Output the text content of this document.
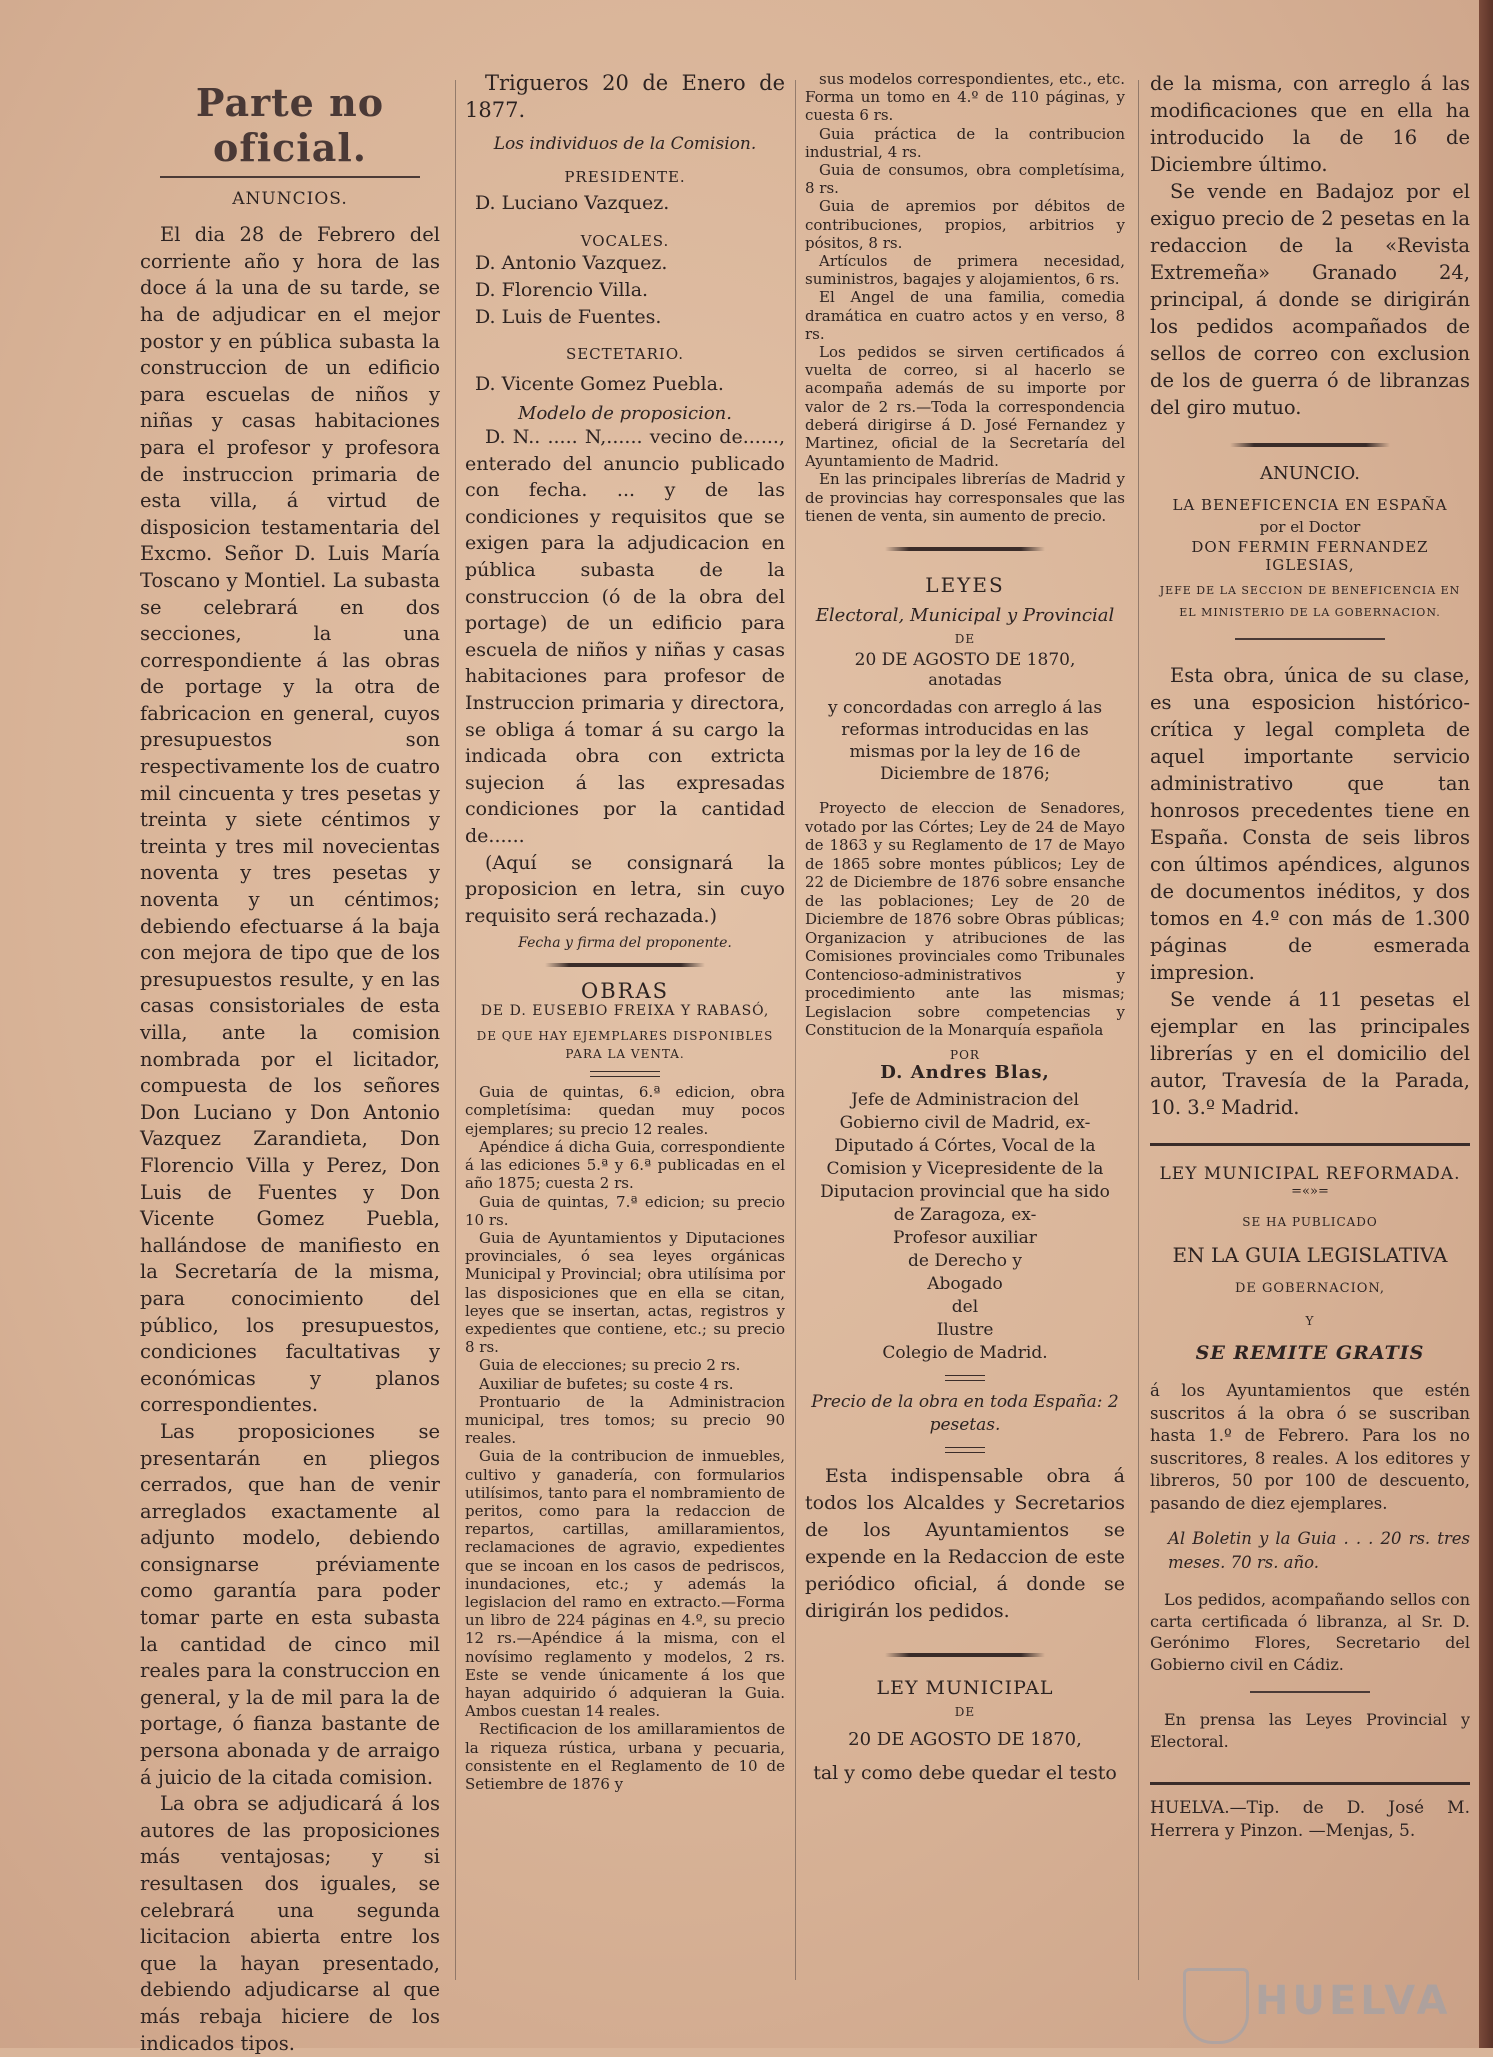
Parte no oficial.

ANUNCIOS.

El dia 28 de Febrero del corriente año y hora de las doce á la una de su tarde, se ha de adjudicar en el mejor postor y en pública subasta la construccion de un edificio para escuelas de niños y niñas y casas habitaciones para el profesor y profesora de instruccion primaria de esta villa, á virtud de disposicion testamentaria del Excmo. Señor D. Luis María Toscano y Montiel. La subasta se celebrará en dos secciones, la una correspondiente á las obras de portage y la otra de fabricacion en general, cuyos presupuestos son respectivamente los de cuatro mil cincuenta y tres pesetas y treinta y siete céntimos y treinta y tres mil novecientas noventa y tres pesetas y noventa y un céntimos; debiendo efectuarse á la baja con mejora de tipo que de los presupuestos resulte, y en las casas consistoriales de esta villa, ante la comision nombrada por el licitador, compuesta de los señores Don Luciano y Don Antonio Vazquez Zarandieta, Don Florencio Villa y Perez, Don Luis de Fuentes y Don Vicente Gomez Puebla, hallándose de manifiesto en la Secretaría de la misma, para conocimiento del público, los presupuestos, condiciones facultativas y económicas y planos correspondientes.

Las proposiciones se presentarán en pliegos cerrados, que han de venir arreglados exactamente al adjunto modelo, debiendo consignarse préviamente como garantía para poder tomar parte en esta subasta la cantidad de cinco mil reales para la construccion en general, y la de mil para la de portage, ó fianza bastante de persona abonada y de arraigo á juicio de la citada comision.

La obra se adjudicará á los autores de las proposiciones más ventajosas; y si resultasen dos iguales, se celebrará una segunda licitacion abierta entre los que la hayan presentado, debiendo adjudicarse al que más rebaja hiciere de los indicados tipos.

Trigueros 20 de Enero de 1877.

Los individuos de la Comision.

PRESIDENTE.

D. Luciano Vazquez.

VOCALES.

D. Antonio Vazquez.

D. Florencio Villa.

D. Luis de Fuentes.

SECTETARIO.

D. Vicente Gomez Puebla.

Modelo de proposicion.

D. N.. ..... N,...... vecino de......, enterado del anuncio publicado con fecha. ... y de las condiciones y requisitos que se exigen para la adjudicacion en pública subasta de la construccion (ó de la obra del portage) de un edificio para escuela de niños y niñas y casas habitaciones para profesor de Instruccion primaria y directora, se obliga á tomar á su cargo la indicada obra con extricta sujecion á las expresadas condiciones por la cantidad de......

(Aquí se consignará la proposicion en letra, sin cuyo requisito será rechazada.)

Fecha y firma del proponente.

OBRAS

DE D. EUSEBIO FREIXA Y RABASÓ,

DE QUE HAY EJEMPLARES DISPONIBLES PARA LA VENTA.

Guia de quintas, 6.ª edicion, obra completísima: quedan muy pocos ejemplares; su precio 12 reales.

Apéndice á dicha Guia, correspondiente á las ediciones 5.ª y 6.ª publicadas en el año 1875; cuesta 2 rs.

Guia de quintas, 7.ª edicion; su precio 10 rs.

Guia de Ayuntamientos y Diputaciones provinciales, ó sea leyes orgánicas Municipal y Provincial; obra utilísima por las disposiciones que en ella se citan, leyes que se insertan, actas, registros y expedientes que contiene, etc.; su precio 8 rs.

Guia de elecciones; su precio 2 rs.

Auxiliar de bufetes; su coste 4 rs.

Prontuario de la Administracion municipal, tres tomos; su precio 90 reales.

Guia de la contribucion de inmuebles, cultivo y ganadería, con formularios utilísimos, tanto para el nombramiento de peritos, como para la redaccion de repartos, cartillas, amillaramientos, reclamaciones de agravio, expedientes que se incoan en los casos de pedriscos, inundaciones, etc.; y además la legislacion del ramo en extracto.—Forma un libro de 224 páginas en 4.º, su precio 12 rs.—Apéndice á la misma, con el novísimo reglamento y modelos, 2 rs. Este se vende únicamente á los que hayan adquirido ó adquieran la Guia. Ambos cuestan 14 reales.

Rectificacion de los amillaramientos de la riqueza rústica, urbana y pecuaria, consistente en el Reglamento de 10 de Setiembre de 1876 y

sus modelos correspondientes, etc., etc. Forma un tomo en 4.º de 110 páginas, y cuesta 6 rs.

Guia práctica de la contribucion industrial, 4 rs.

Guia de consumos, obra completísima, 8 rs.

Guia de apremios por débitos de contribuciones, propios, arbitrios y pósitos, 8 rs.

Artículos de primera necesidad, suministros, bagajes y alojamientos, 6 rs.

El Angel de una familia, comedia dramática en cuatro actos y en verso, 8 rs.

Los pedidos se sirven certificados á vuelta de correo, si al hacerlo se acompaña además de su importe por valor de 2 rs.—Toda la correspondencia deberá dirigirse á D. José Fernandez y Martinez, oficial de la Secretaría del Ayuntamiento de Madrid.

En las principales librerías de Madrid y de provincias hay corresponsales que las tienen de venta, sin aumento de precio.

LEYES

Electoral, Municipal y Provincial

DE

20 DE AGOSTO DE 1870,

anotadas

y concordadas con arreglo á las reformas introducidas en las mismas por la ley de 16 de Diciembre de 1876;

Proyecto de eleccion de Senadores, votado por las Córtes; Ley de 24 de Mayo de 1863 y su Reglamento de 17 de Mayo de 1865 sobre montes públicos; Ley de 22 de Diciembre de 1876 sobre ensanche de las poblaciones; Ley de 20 de Diciembre de 1876 sobre Obras públicas; Organizacion y atribuciones de las Comisiones provinciales como Tribunales Contencioso-administrativos y procedimiento ante las mismas; Legislacion sobre competencias y Constitucion de la Monarquía española

POR

D. Andres Blas,

Jefe de Administracion del Gobierno civil de Madrid, ex-Diputado á Córtes, Vocal de la Comision y Vicepresidente de la Diputacion provincial que ha sido de Zaragoza, ex-

Profesor auxiliar

de Derecho y

Abogado

del

Ilustre

Colegio de Madrid.

Precio de la obra en toda España: 2 pesetas.

Esta indispensable obra á todos los Alcaldes y Secretarios de los Ayuntamientos se expende en la Redaccion de este periódico oficial, á donde se dirigirán los pedidos.

LEY MUNICIPAL

DE

20 DE AGOSTO DE 1870,

tal y como debe quedar el testo

de la misma, con arreglo á las modificaciones que en ella ha introducido la de 16 de Diciembre último.

Se vende en Badajoz por el exiguo precio de 2 pesetas en la redaccion de la «Revista Extremeña» Granado 24, principal, á donde se dirigirán los pedidos acompañados de sellos de correo con exclusion de los de guerra ó de libranzas del giro mutuo.

ANUNCIO.

LA BENEFICENCIA EN ESPAÑA

por el Doctor

DON FERMIN FERNANDEZ IGLESIAS,

JEFE DE LA SECCION DE BENEFICENCIA EN EL MINISTERIO DE LA GOBERNACION.

Esta obra, única de su clase, es una esposicion histórico-crítica y legal completa de aquel importante servicio administrativo que tan honrosos precedentes tiene en España. Consta de seis libros con últimos apéndices, algunos de documentos inéditos, y dos tomos en 4.º con más de 1.300 páginas de esmerada impresion.

Se vende á 11 pesetas el ejemplar en las principales librerías y en el domicilio del autor, Travesía de la Parada, 10. 3.º Madrid.

LEY MUNICIPAL REFORMADA.

=«»=

SE HA PUBLICADO

EN LA GUIA LEGISLATIVA

DE GOBERNACION,

Y

SE REMITE GRATIS

á los Ayuntamientos que estén suscritos á la obra ó se suscriban hasta 1.º de Febrero. Para los no suscritores, 8 reales. A los editores y libreros, 50 por 100 de descuento, pasando de diez ejemplares.

Al Boletin y la Guia . . . 20 rs. tres meses. 70 rs. año.

Los pedidos, acompañando sellos con carta certificada ó libranza, al Sr. D. Gerónimo Flores, Secretario del Gobierno civil en Cádiz.

En prensa las Leyes Provincial y Electoral.

HUELVA.—Tip. de D. José M. Herrera y Pinzon. —Menjas, 5.

HUELVA
